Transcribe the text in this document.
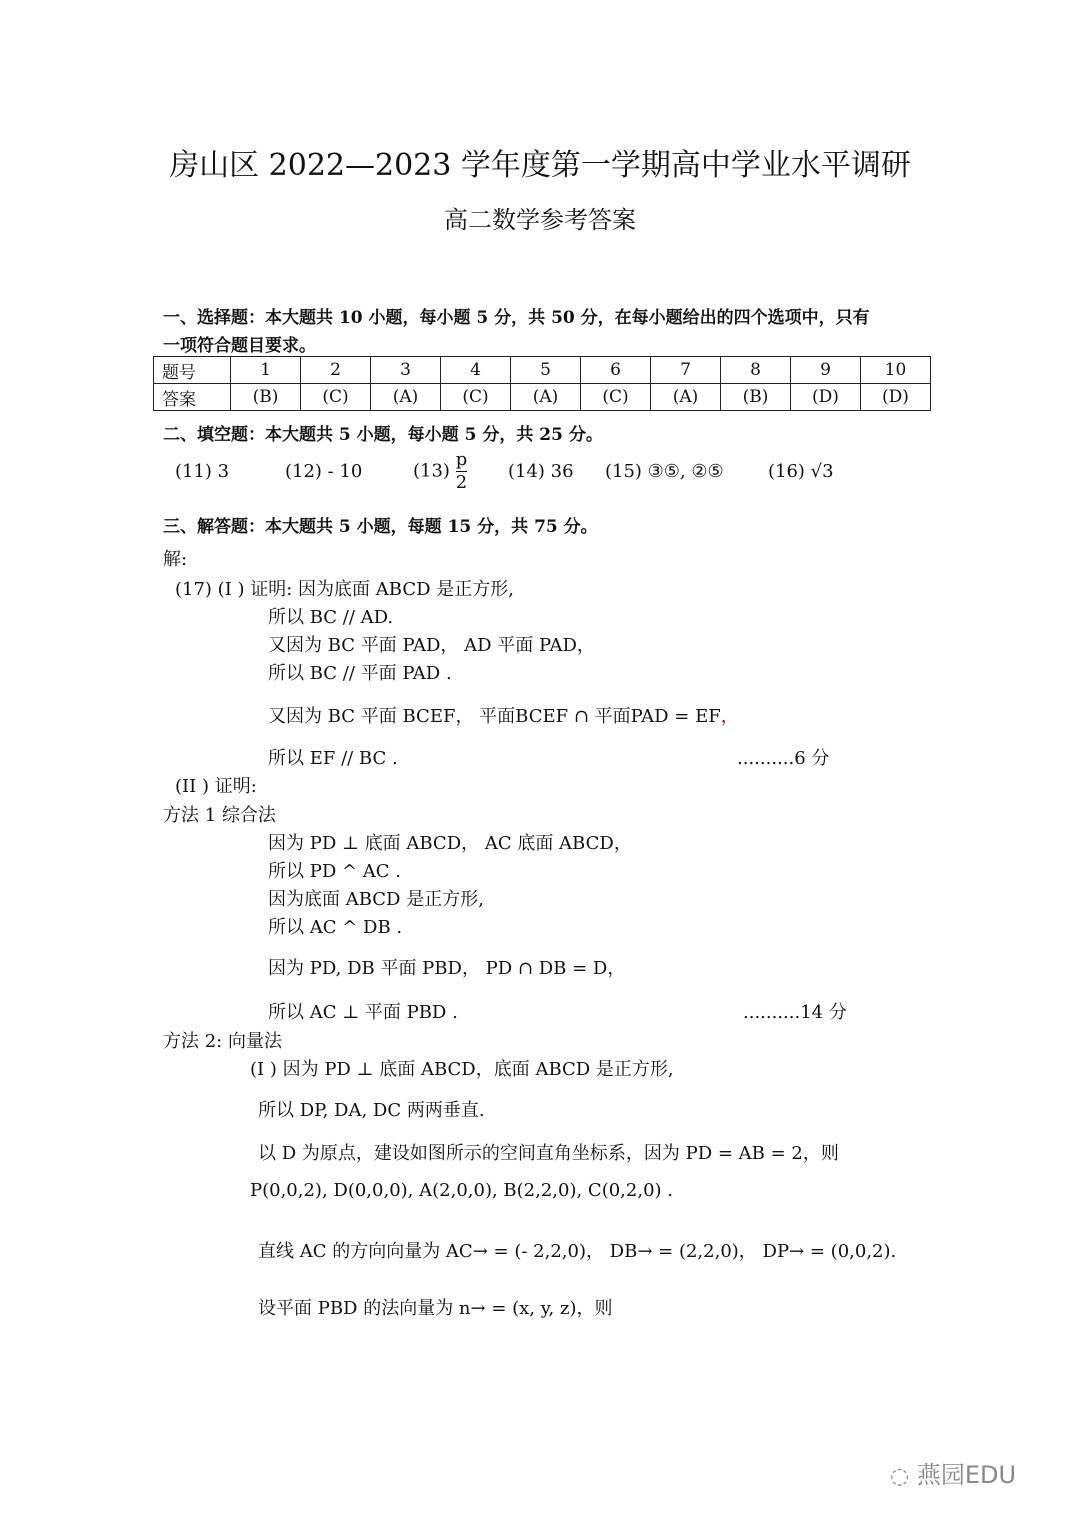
房山区 2022—2023 学年度第一学期高中学业水平调研
高二数学参考答案
一、选择题：本大题共 10 小题，每小题 5 分，共 50 分，在每小题给出的四个选项中，只有
一项符合题目要求。
题号	1	2	3	4	5	6	7	8	9	10
答案	(B)	(C)	(A)	(C)	(A)	(C)	(A)	(B)	(D)	(D)
二、填空题：本大题共 5 小题，每小题 5 分，共 25 分。
(11) 3	(12) - 10	$(13) \frac{p}{2} (14)$ 36 (15) ③⑤, ②⑤ (16) √3
三、解答题：本大题共 5 小题，每题 15 分，共 75 分。
解:
(17) (I ) 证明: 因为底面 ABCD 是正方形,
所以 BC // AD.
又因为 BC 平面 PAD， AD 平面 PAD，
所以 BC // 平面 PAD .
又因为 BC 平面 BCEF， 平面BCEF ∩ 平面PAD = EF，
所以 EF // BC .	..........6 分
(II ) 证明:
方法 1 综合法
因为 PD ⊥ 底面 ABCD， AC 底面 ABCD，
所以 PD ^ AC .
因为底面 ABCD 是正方形,
所以 AC ^ DB .
因为 PD, DB 平面 PBD， PD ∩ DB = D，
所以 AC ⊥ 平面 PBD .	..........14 分
方法 2: 向量法
(I ) 因为 PD ⊥ 底面 ABCD，底面 ABCD 是正方形,
所以 DP, DA, DC 两两垂直.
以 D 为原点，建设如图所示的空间直角坐标系，因为 PD = AB = 2，则
P(0,0,2), D(0,0,0), A(2,0,0), B(2,2,0), C(0,2,0) .
直线 AC 的方向向量为 AC→ = (- 2,2,0)， DB→ = (2,2,0)， DP→ = (0,0,2).
设平面 PBD 的法向量为 n→ = (x, y, z)，则
◌ 燕园EDU
